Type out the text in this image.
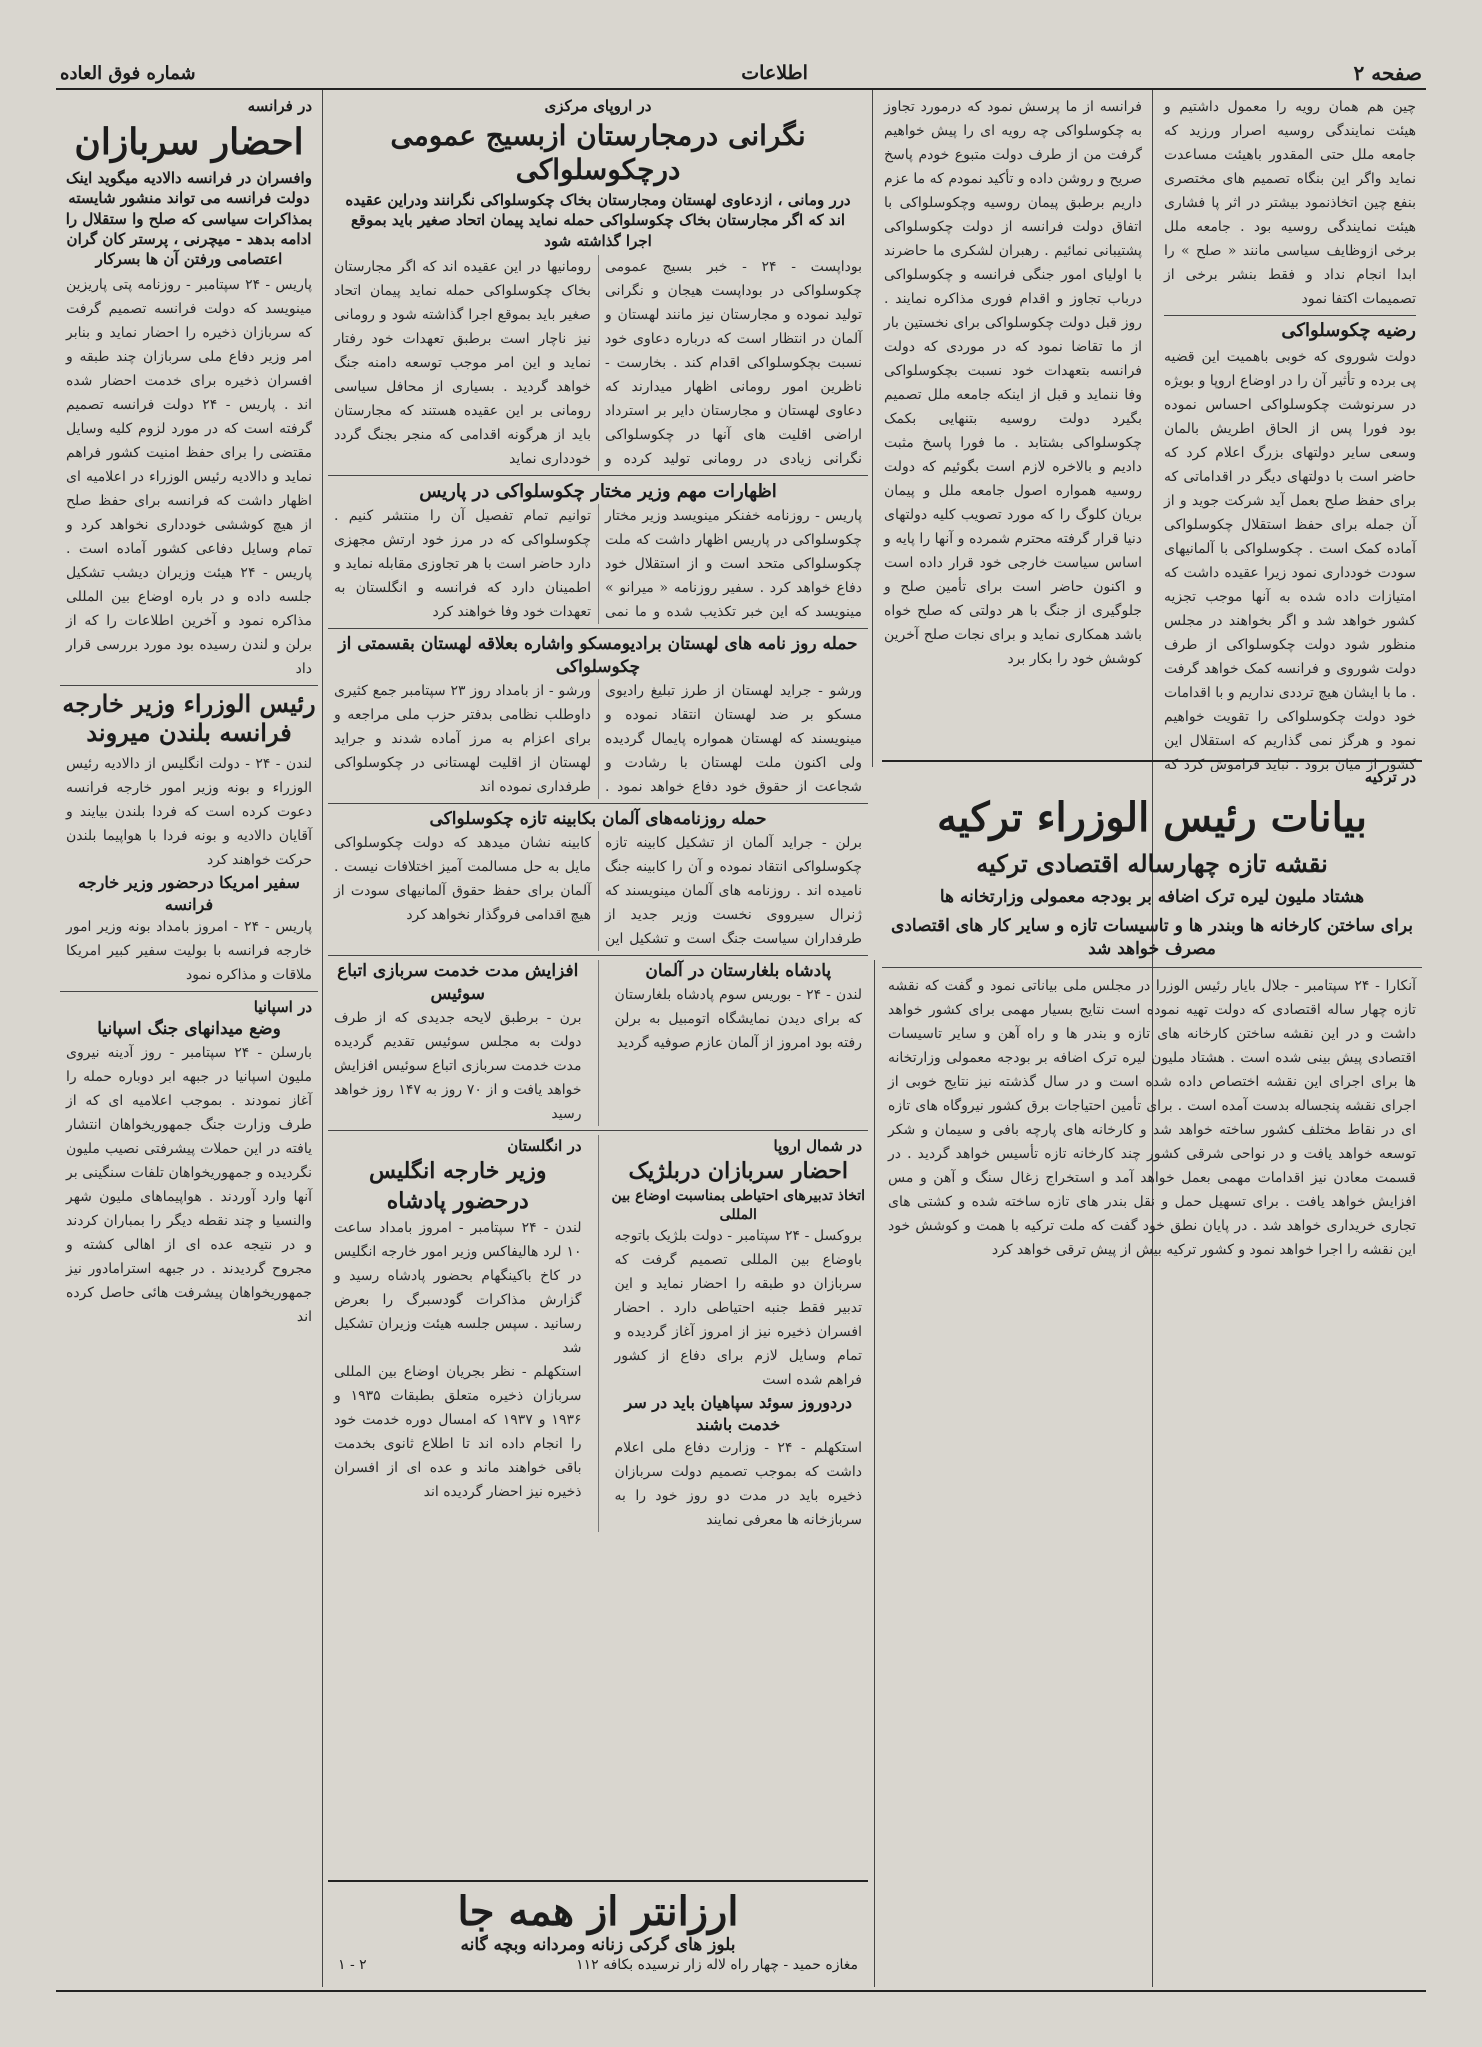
صفحه ۲
اطلاعات
شماره فوق العاده

چین هم همان رویه را معمول داشتیم و هیئت نمایندگی روسیه اصرار ورزید که جامعه ملل حتی المقدور باهیئت مساعدت نماید واگر این بنگاه تصمیم های مختصری بنفع چین اتخاذنمود بیشتر در اثر پا فشاری هیئت نمایندگی روسیه بود . جامعه ملل برخی ازوظایف سیاسی مانند « صلح » را ابدا انجام نداد و فقط بنشر برخی از تصمیمات اکتفا نمود

رضیه چکوسلواکی

دولت شوروی که خوبی باهمیت این قضیه پی برده و تأثیر آن را در اوضاع اروپا و بویژه در سرنوشت چکوسلواکی احساس نموده بود فورا پس از الحاق اطریش بالمان وسعی سایر دولتهای بزرگ اعلام کرد که حاضر است با دولتهای دیگر در اقداماتی که برای حفظ صلح بعمل آید شرکت جوید و از آن جمله برای حفظ استقلال چکوسلواکی آماده کمک است . چکوسلواکی با آلمانیهای سودت خودداری نمود زیرا عقیده داشت که امتیازات داده شده به آنها موجب تجزیه کشور خواهد شد و اگر بخواهند در مجلس منظور شود دولت چکوسلواکی از طرف دولت شوروی و فرانسه کمک خواهد گرفت . ما با ایشان هیچ ترددی نداریم و با اقدامات خود دولت چکوسلواکی را تقویت خواهیم نمود و هرگز نمی گذاریم که استقلال این کشور از میان برود . نباید فراموش کرد که

فرانسه از ما پرسش نمود که درمورد تجاوز به چکوسلواکی چه رویه ای را پیش خواهیم گرفت من از طرف دولت متبوع خودم پاسخ صریح و روشن داده و تأکید نمودم که ما عزم داریم برطبق پیمان روسیه وچکوسلواکی با اتفاق دولت فرانسه از دولت چکوسلواکی پشتیبانی نمائیم . رهبران لشکری ما حاضرند با اولیای امور جنگی فرانسه و چکوسلواکی درباب تجاوز و اقدام فوری مذاکره نمایند . روز قبل دولت چکوسلواکی برای نخستین بار از ما تقاضا نمود که در موردی که دولت فرانسه بتعهدات خود نسبت بچکوسلواکی وفا ننماید و قبل از اینکه جامعه ملل تصمیم بگیرد دولت روسیه بتنهایی بکمک چکوسلواکی بشتابد . ما فورا پاسخ مثبت دادیم و بالاخره لازم است بگوئیم که دولت روسیه همواره اصول جامعه ملل و پیمان بریان کلوگ را که مورد تصویب کلیه دولتهای دنیا قرار گرفته محترم شمرده و آنها را پایه و اساس سیاست خارجی خود قرار داده است و اکنون حاضر است برای تأمین صلح و جلوگیری از جنگ با هر دولتی که صلح خواه باشد همکاری نماید و برای نجات صلح آخرین کوشش خود را بکار برد

در ترکیه
بیانات رئیس الوزراء ترکیه
نقشه تازه چهارساله اقتصادی ترکیه
هشتاد ملیون لیره ترک اضافه بر بودجه معمولی وزارتخانه ها
برای ساختن کارخانه ها وبندر ها و تاسیسات تازه و سایر کار های اقتصادی مصرف خواهد شد

آنکارا - ۲۴ سپتامبر - جلال بایار رئیس الوزرا در مجلس ملی بیاناتی نمود و گفت که نقشه تازه چهار ساله اقتصادی که دولت تهیه نموده است نتایج بسیار مهمی برای کشور خواهد داشت و در این نقشه ساختن کارخانه های تازه و بندر ها و راه آهن و سایر تاسیسات اقتصادی پیش بینی شده است . هشتاد ملیون لیره ترک اضافه بر بودجه معمولی وزارتخانه ها برای اجرای این نقشه اختصاص داده شده است و در سال گذشته نیز نتایج خوبی از اجرای نقشه پنجساله بدست آمده است . برای تأمین احتیاجات برق کشور نیروگاه های تازه ای در نقاط مختلف کشور ساخته خواهد شد و کارخانه های پارچه بافی و سیمان و شکر توسعه خواهد یافت و در نواحی شرقی کشور چند کارخانه تازه تأسیس خواهد گردید . در قسمت معادن نیز اقدامات مهمی بعمل خواهد آمد و استخراج زغال سنگ و آهن و مس افزایش خواهد یافت . برای تسهیل حمل و نقل بندر های تازه ساخته شده و کشتی های تجاری خریداری خواهد شد . در پایان نطق خود گفت که ملت ترکیه با همت و کوشش خود این نقشه را اجرا خواهد نمود و کشور ترکیه بیش از پیش ترقی خواهد کرد

در اروپای مرکزی
نگرانی درمجارستان ازبسیج عمومی درچکوسلواکی
درر ومانی ، ازدعاوی لهستان ومجارستان بخاک چکوسلواکی نگرانند ودراین عقیده اند که اگر مجارستان بخاک چکوسلواکی حمله نماید پیمان اتحاد صغیر باید بموقع اجرا گذاشته شود

بوداپست - ۲۴ - خبر بسیج عمومی چکوسلواکی در بوداپست هیجان و نگرانی تولید نموده و مجارستان نیز مانند لهستان و آلمان در انتظار است که درباره دعاوی خود نسبت بچکوسلواکی اقدام کند . بخارست - ناظرین امور رومانی اظهار میدارند که دعاوی لهستان و مجارستان دایر بر استرداد اراضی اقلیت های آنها در چکوسلواکی نگرانی زیادی در رومانی تولید کرده و رومانیها در این عقیده اند که اگر مجارستان بخاک چکوسلواکی حمله نماید پیمان اتحاد صغیر باید بموقع اجرا گذاشته شود و رومانی نیز ناچار است برطبق تعهدات خود رفتار نماید و این امر موجب توسعه دامنه جنگ خواهد گردید . بسیاری از محافل سیاسی رومانی بر این عقیده هستند که مجارستان باید از هرگونه اقدامی که منجر بجنگ گردد خودداری نماید

اظهارات مهم وزیر مختار چکوسلواکی در پاریس

پاریس - روزنامه خفنکر مینویسد وزیر مختار چکوسلواکی در پاریس اظهار داشت که ملت چکوسلواکی متحد است و از استقلال خود دفاع خواهد کرد . سفیر روزنامه « میرانو » مینویسد که این خبر تکذیب شده و ما نمی توانیم تمام تفصیل آن را منتشر کنیم . چکوسلواکی که در مرز خود ارتش مجهزی دارد حاضر است با هر تجاوزی مقابله نماید و اطمینان دارد که فرانسه و انگلستان به تعهدات خود وفا خواهند کرد

حمله روز نامه های لهستان برادیومسکو واشاره بعلاقه لهستان بقسمتی از چکوسلواکی

ورشو - جراید لهستان از طرز تبلیغ رادیوی مسکو بر ضد لهستان انتقاد نموده و مینویسند که لهستان همواره پایمال گردیده ولی اکنون ملت لهستان با رشادت و شجاعت از حقوق خود دفاع خواهد نمود . ورشو - از بامداد روز ۲۳ سپتامبر جمع کثیری داوطلب نظامی بدفتر حزب ملی مراجعه و برای اعزام به مرز آماده شدند و جراید لهستان از اقلیت لهستانی در چکوسلواکی طرفداری نموده اند

حمله روزنامه‌های آلمان بکابینه تازه چکوسلواکی

برلن - جراید آلمان از تشکیل کابینه تازه چکوسلواکی انتقاد نموده و آن را کابینه جنگ نامیده اند . روزنامه های آلمان مینویسند که ژنرال سیرووی نخست وزیر جدید از طرفداران سیاست جنگ است و تشکیل این کابینه نشان میدهد که دولت چکوسلواکی مایل به حل مسالمت آمیز اختلافات نیست . آلمان برای حفظ حقوق آلمانیهای سودت از هیچ اقدامی فروگذار نخواهد کرد

پادشاه بلغارستان در آلمان

لندن - ۲۴ - بوریس سوم پادشاه بلغارستان که برای دیدن نمایشگاه اتومبیل به برلن رفته بود امروز از آلمان عازم صوفیه گردید

افزایش مدت خدمت سربازی اتباع سوئیس

برن - برطبق لایحه جدیدی که از طرف دولت به مجلس سوئیس تقدیم گردیده مدت خدمت سربازی اتباع سوئیس افزایش خواهد یافت و از ۷۰ روز به ۱۴۷ روز خواهد رسید

در شمال اروپا
احضار سربازان دربلژیک
اتخاذ تدبیرهای احتیاطی بمناسبت اوضاع بین المللی

بروکسل - ۲۴ سپتامبر - دولت بلژیک باتوجه باوضاع بین المللی تصمیم گرفت که سربازان دو طبقه را احضار نماید و این تدبیر فقط جنبه احتیاطی دارد . احضار افسران ذخیره نیز از امروز آغاز گردیده و تمام وسایل لازم برای دفاع از کشور فراهم شده است

دردوروز سوئد سپاهیان باید در سر خدمت باشند

استکهلم - ۲۴ - وزارت دفاع ملی اعلام داشت که بموجب تصمیم دولت سربازان ذخیره باید در مدت دو روز خود را به سربازخانه ها معرفی نمایند

در انگلستان
وزیر خارجه انگلیس درحضور پادشاه

لندن - ۲۴ سپتامبر - امروز بامداد ساعت ۱۰ لرد هالیفاکس وزیر امور خارجه انگلیس در کاخ باکینگهام بحضور پادشاه رسید و گزارش مذاکرات گودسبرگ را بعرض رسانید . سپس جلسه هیئت وزیران تشکیل شد

استکهلم - نظر بجریان اوضاع بین المللی سربازان ذخیره متعلق بطبقات ۱۹۳۵ و ۱۹۳۶ و ۱۹۳۷ که امسال دوره خدمت خود را انجام داده اند تا اطلاع ثانوی بخدمت باقی خواهند ماند و عده ای از افسران ذخیره نیز احضار گردیده اند

ارزانتر از همه جا
بلوز های گرکی زنانه ومردانه وبچه گانه
مغازه حمید - چهار راه لاله زار نرسیده بکافه ۱۱۲
۲ - ۱
در فرانسه
احضار سربازان
وافسران در فرانسه دالادیه میگوید اینک دولت فرانسه می تواند منشور شایسته بمذاکرات سیاسی که صلح وا ستقلال را ادامه بدهد - میچرنی ، پرستر کان گران اعتصامی ورفتن آن ها بسرکار

پاریس - ۲۴ سپتامبر - روزنامه پتی پاریزین مینویسد که دولت فرانسه تصمیم گرفت که سربازان ذخیره را احضار نماید و بنابر امر وزیر دفاع ملی سربازان چند طبقه و افسران ذخیره برای خدمت احضار شده اند . پاریس - ۲۴ دولت فرانسه تصمیم گرفته است که در مورد لزوم کلیه وسایل مقتضی را برای حفظ امنیت کشور فراهم نماید و دالادیه رئیس الوزراء در اعلامیه ای اظهار داشت که فرانسه برای حفظ صلح از هیچ کوششی خودداری نخواهد کرد و تمام وسایل دفاعی کشور آماده است . پاریس - ۲۴ هیئت وزیران دیشب تشکیل جلسه داده و در باره اوضاع بین المللی مذاکره نمود و آخرین اطلاعات را که از برلن و لندن رسیده بود مورد بررسی قرار داد

رئیس الوزراء وزیر خارجه فرانسه بلندن میروند

لندن - ۲۴ - دولت انگلیس از دالادیه رئیس الوزراء و بونه وزیر امور خارجه فرانسه دعوت کرده است که فردا بلندن بیایند و آقایان دالادیه و بونه فردا با هواپیما بلندن حرکت خواهند کرد

سفیر امریکا درحضور وزیر خارجه فرانسه

پاریس - ۲۴ - امروز بامداد بونه وزیر امور خارجه فرانسه با بولیت سفیر کبیر امریکا ملاقات و مذاکره نمود

در اسپانیا
وضع میدانهای جنگ اسپانیا

بارسلن - ۲۴ سپتامبر - روز آدینه نیروی ملیون اسپانیا در جبهه ابر دوباره حمله را آغاز نمودند . بموجب اعلامیه ای که از طرف وزارت جنگ جمهوریخواهان انتشار یافته در این حملات پیشرفتی نصیب ملیون نگردیده و جمهوریخواهان تلفات سنگینی بر آنها وارد آوردند . هواپیماهای ملیون شهر والنسیا و چند نقطه دیگر را بمباران کردند و در نتیجه عده ای از اهالی کشته و مجروح گردیدند . در جبهه استرامادور نیز جمهوریخواهان پیشرفت هائی حاصل کرده اند
